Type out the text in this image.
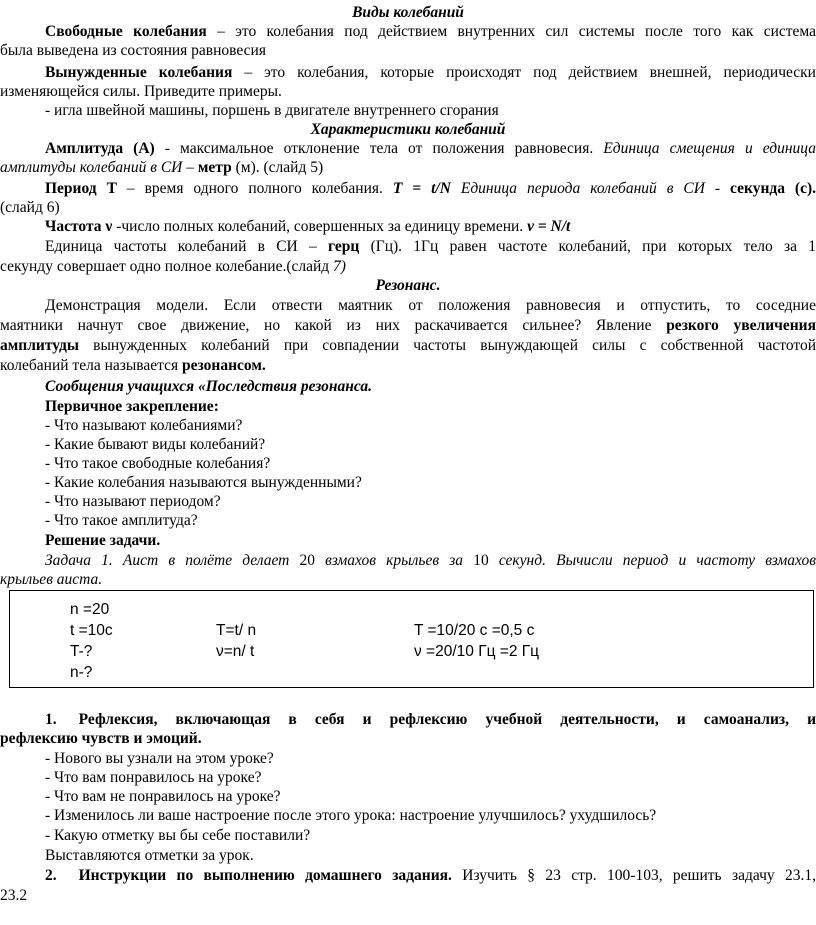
Виды колебаний
Свободные колебания – это колебания под действием внутренних сил системы после того как система
была выведена из состояния равновесия
Вынужденные колебания – это колебания, которые происходят под действием внешней, периодически
изменяющейся силы. Приведите примеры.
- игла швейной машины, поршень в двигателе внутреннего сгорания
Характеристики колебаний
Амплитуда (А) - максимальное отклонение тела от положения равновесия. Единица смещения и единица
амплитуды колебаний в СИ – метр (м). (слайд 5)
Период Т – время одного полного колебания. T = t/N Единица периода колебаний в СИ - секунда (с).
(слайд 6)
Частота ν -число полных колебаний, совершенных за единицу времени. ν = N/t
Единица частоты колебаний в СИ – герц (Гц). 1Гц равен частоте колебаний, при которых тело за 1
секунду совершает одно полное колебание.(слайд 7)
Резонанс.
Демонстрация модели. Если отвести маятник от положения равновесия и отпустить, то соседние
маятники начнут свое движение, но какой из них раскачивается сильнее? Явление резкого увеличения
амплитуды вынужденных колебаний при совпадении частоты вынуждающей силы с собственной частотой
колебаний тела называется резонансом.
Сообщения учащихся «Последствия резонанса.
Первичное закрепление:
- Что называют колебаниями?
- Какие бывают виды колебаний?
- Что такое свободные колебания?
- Какие колебания называются вынужденными?
- Что называют периодом?
- Что такое амплитуда?
Решение задачи.
Задача 1. Аист в полёте делает 20 взмахов крыльев за 10 секунд. Вычисли период и частоту взмахов
крыльев аиста.
n =20
t =10c
T-?
n-?
T=t/ n
ν=n/ t
T =10/20 с =0,5 с
ν =20/10 Гц =2 Гц
1. Рефлексия, включающая в себя и рефлексию учебной деятельности, и самоанализ, и
рефлексию чувств и эмоций.
- Нового вы узнали на этом уроке?
- Что вам понравилось на уроке?
- Что вам не понравилось на уроке?
- Изменилось ли ваше настроение после этого урока: настроение улучшилось? ухудшилось?
- Какую отметку вы бы себе поставили?
Выставляются отметки за урок.
2. Инструкции по выполнению домашнего задания. Изучить § 23 стр. 100-103, решить задачу 23.1,
23.2
